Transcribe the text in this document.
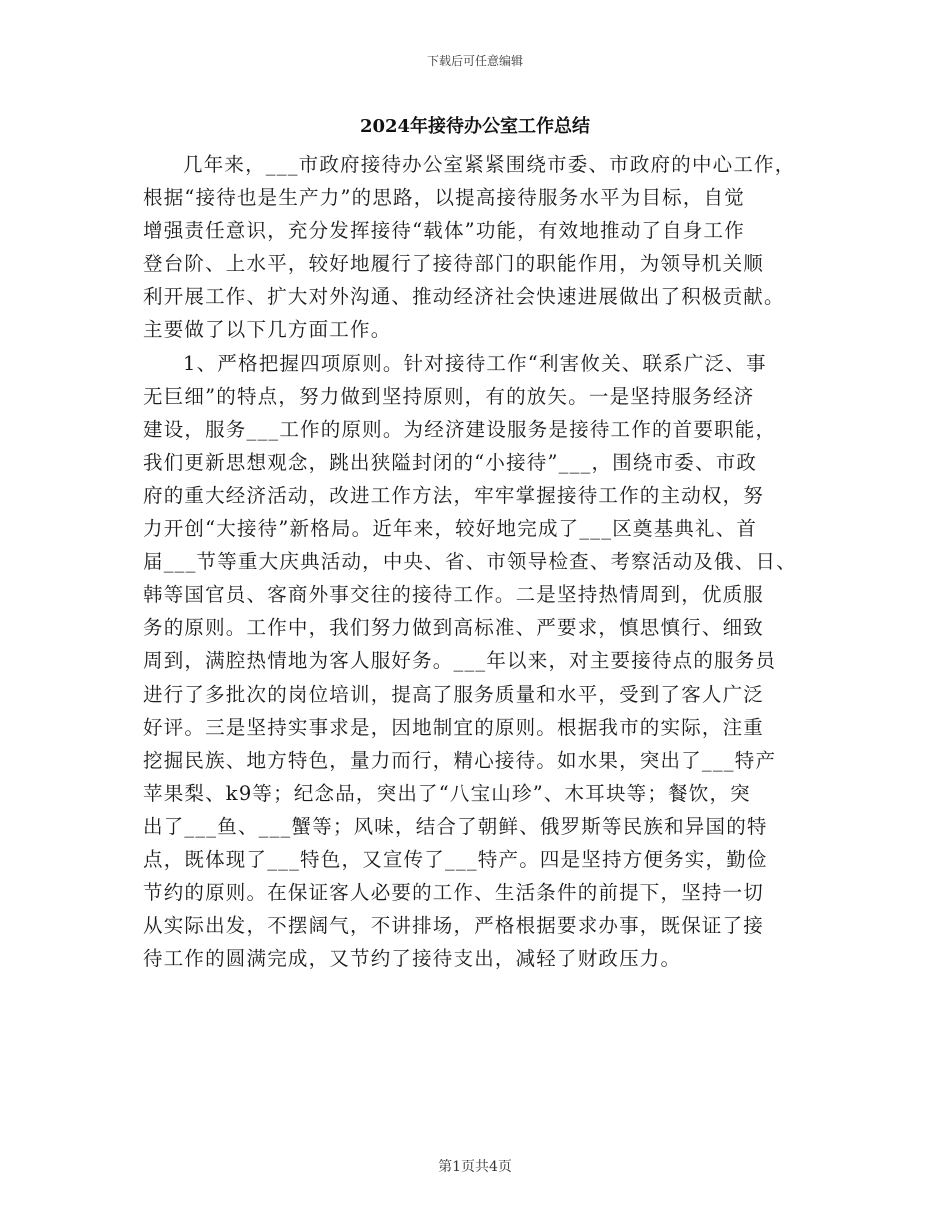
下载后可任意编辑
2024年接待办公室工作总结
几年来，___市政府接待办公室紧紧围绕市委、市政府的中心工作，
根据“接待也是生产力”的思路，以提高接待服务水平为目标，自觉
增强责任意识，充分发挥接待“载体”功能，有效地推动了自身工作
登台阶、上水平，较好地履行了接待部门的职能作用，为领导机关顺
利开展工作、扩大对外沟通、推动经济社会快速进展做出了积极贡献。
主要做了以下几方面工作。
1、严格把握四项原则。针对接待工作“利害攸关、联系广泛、事
无巨细”的特点，努力做到坚持原则，有的放矢。一是坚持服务经济
建设，服务___工作的原则。为经济建设服务是接待工作的首要职能，
我们更新思想观念，跳出狭隘封闭的“小接待”___，围绕市委、市政
府的重大经济活动，改进工作方法，牢牢掌握接待工作的主动权，努
力开创“大接待”新格局。近年来，较好地完成了___区奠基典礼、首
届___节等重大庆典活动，中央、省、市领导检查、考察活动及俄、日、
韩等国官员、客商外事交往的接待工作。二是坚持热情周到，优质服
务的原则。工作中，我们努力做到高标准、严要求，慎思慎行、细致
周到，满腔热情地为客人服好务。___年以来，对主要接待点的服务员
进行了多批次的岗位培训，提高了服务质量和水平，受到了客人广泛
好评。三是坚持实事求是，因地制宜的原则。根据我市的实际，注重
挖掘民族、地方特色，量力而行，精心接待。如水果，突出了___特产
苹果梨、k9等；纪念品，突出了“八宝山珍”、木耳块等；餐饮，突
出了___鱼、___蟹等；风味，结合了朝鲜、俄罗斯等民族和异国的特
点，既体现了___特色，又宣传了___特产。四是坚持方便务实，勤俭
节约的原则。在保证客人必要的工作、生活条件的前提下，坚持一切
从实际出发，不摆阔气，不讲排场，严格根据要求办事，既保证了接
待工作的圆满完成，又节约了接待支出，减轻了财政压力。
第1页共4页
